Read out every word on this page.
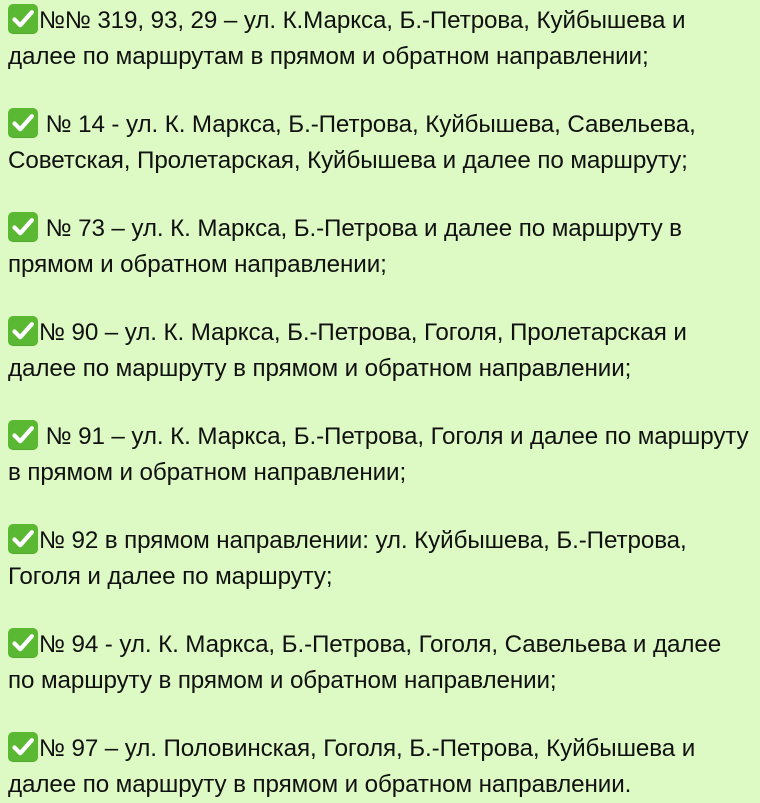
№№ 319, 93, 29 – ул. К.Маркса, Б.-Петрова, Куйбышева и далее по маршрутам в прямом и обратном направлении;
№ 14 - ул. К. Маркса, Б.-Петрова, Куйбышева, Савельева, Советская, Пролетарская, Куйбышева и далее по маршруту;
№ 73 – ул. К. Маркса, Б.-Петрова и далее по маршруту в прямом и обратном направлении;
№ 90 – ул. К. Маркса, Б.-Петрова, Гоголя, Пролетарская и далее по маршруту в прямом и обратном направлении;
№ 91 – ул. К. Маркса, Б.-Петрова, Гоголя и далее по маршруту в прямом и обратном направлении;
№ 92 в прямом направлении: ул. Куйбышева, Б.-Петрова, Гоголя и далее по маршруту;
№ 94 - ул. К. Маркса, Б.-Петрова, Гоголя, Савельева и далее по маршруту в прямом и обратном направлении;
№ 97 – ул. Половинская, Гоголя, Б.-Петрова, Куйбышева и далее по маршруту в прямом и обратном направлении.
